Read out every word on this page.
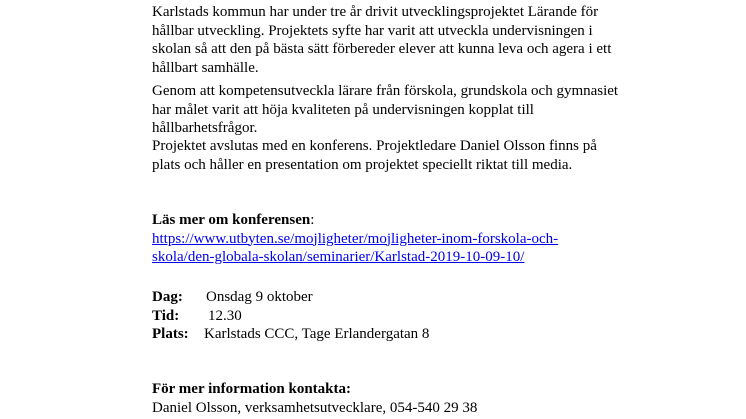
Karlstads kommun har under tre år drivit utvecklingsprojektet Lärande för hållbar utveckling. Projektets syfte har varit att utveckla undervisningen i skolan så att den på bästa sätt förbereder elever att kunna leva och agera i ett hållbart samhälle.

Genom att kompetensutveckla lärare från förskola, grundskola och gymnasiet har målet varit att höja kvaliteten på undervisningen kopplat till hållbarhetsfrågor.

Projektet avslutas med en konferens. Projektledare Daniel Olsson finns på plats och håller en presentation om projektet speciellt riktat till media.

Läs mer om konferensen:
https://www.utbyten.se/mojligheter/mojligheter-inom-forskola-och-
skola/den-globala-skolan/seminarier/Karlstad-2019-10-09-10/
Dag: Onsdag 9 oktober
Tid: 12.30
Plats: Karlstads CCC, Tage Erlandergatan 8
För mer information kontakta:
Daniel Olsson, verksamhetsutvecklare, 054-540 29 38
